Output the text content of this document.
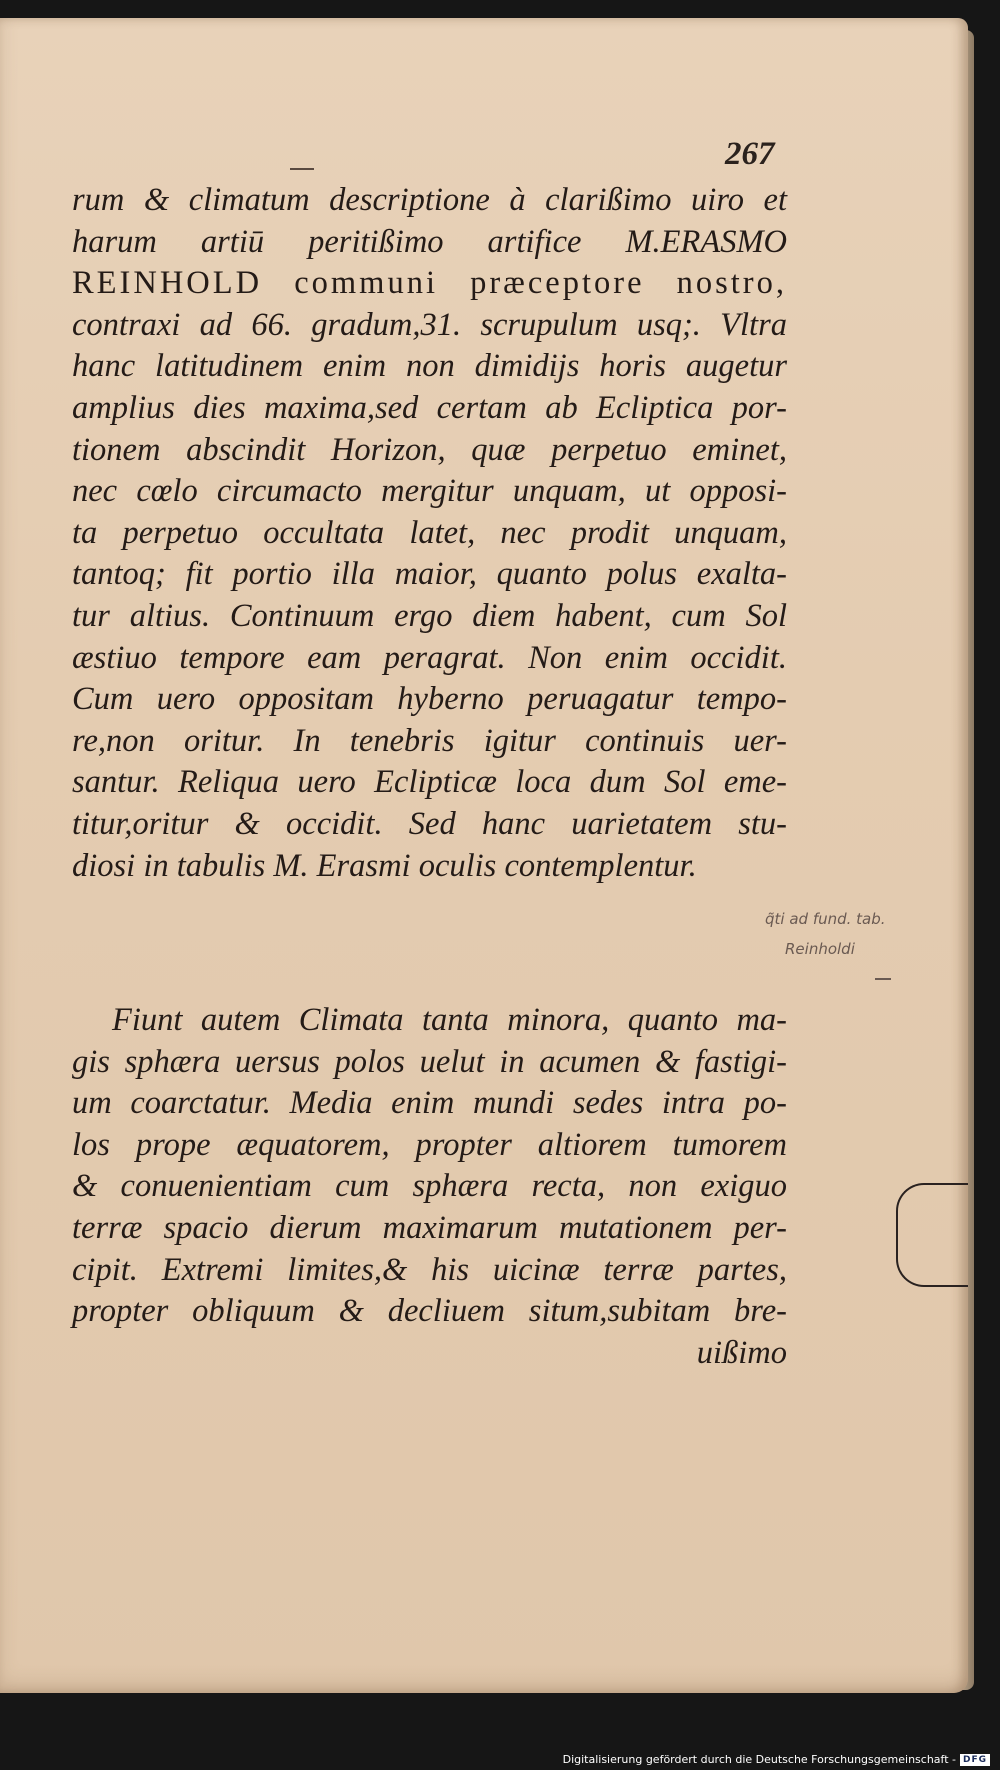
267
rum & climatum descriptione à clarißimo uiro et
harum artiū peritißimo artifice M.ERASMO
REINHOLD communi præceptore nostro,
contraxi ad 66. gradum,31. scrupulum usq;. Vltra
hanc latitudinem enim non dimidijs horis augetur
amplius dies maxima,sed certam ab Ecliptica por-
tionem abscindit Horizon, quæ perpetuo eminet,
nec cœlo circumacto mergitur unquam, ut opposi-
ta perpetuo occultata latet, nec prodit unquam,
tantoq; fit portio illa maior, quanto polus exalta-
tur altius. Continuum ergo diem habent, cum Sol
æstiuo tempore eam peragrat. Non enim occidit.
Cum uero oppositam hyberno peruagatur tempo-
re,non oritur. In tenebris igitur continuis uer-
santur. Reliqua uero Eclipticæ loca dum Sol eme-
titur,oritur & occidit. Sed hanc uarietatem stu-
diosi in tabulis M. Erasmi oculis contemplentur.
q̃ti ad fund. tab.
Reinholdi
Fiunt autem Climata tanta minora, quanto ma-
gis sphæra uersus polos uelut in acumen & fastigi-
um coarctatur. Media enim mundi sedes intra po-
los prope æquatorem, propter altiorem tumorem
& conuenientiam cum sphæra recta, non exiguo
terræ spacio dierum maximarum mutationem per-
cipit. Extremi limites,& his uicinæ terræ partes,
propter obliquum & decliuem situm,subitam bre-
uißimo
Digitalisierung gefördert durch die Deutsche Forschungsgemeinschaft - DFG
